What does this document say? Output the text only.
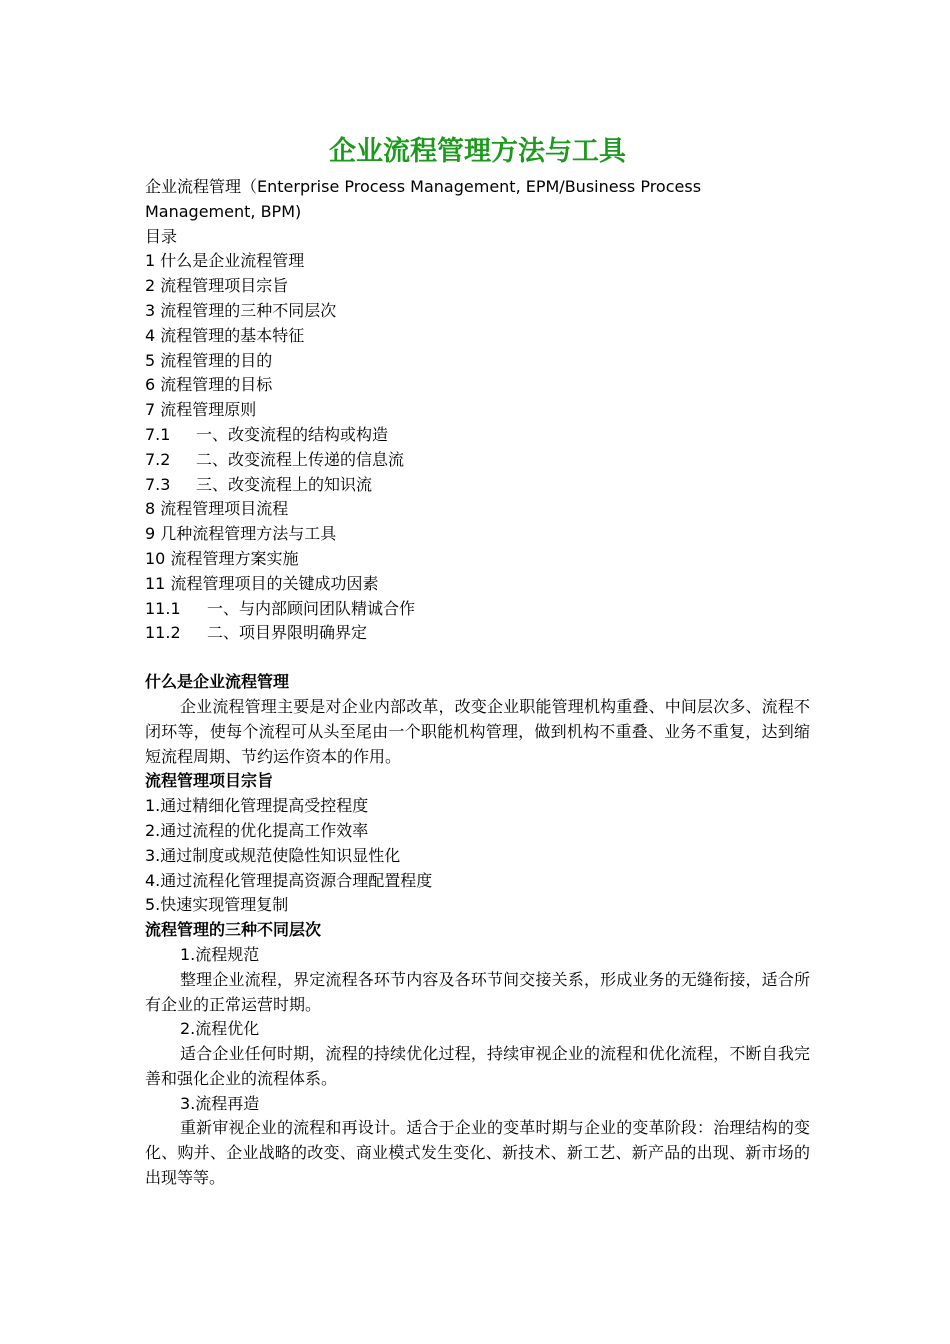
企业流程管理方法与工具
企业流程管理（Enterprise Process Management, EPM/Business Process Management, BPM)
目录
1 什么是企业流程管理
2 流程管理项目宗旨
3 流程管理的三种不同层次
4 流程管理的基本特征
5 流程管理的目的
6 流程管理的目标
7 流程管理原则
7.1 一、改变流程的结构或构造
7.2 二、改变流程上传递的信息流
7.3 三、改变流程上的知识流
8 流程管理项目流程
9 几种流程管理方法与工具
10 流程管理方案实施
11 流程管理项目的关键成功因素
11.1 一、与内部顾问团队精诚合作
11.2 二、项目界限明确界定
什么是企业流程管理
企业流程管理主要是对企业内部改革，改变企业职能管理机构重叠、中间层次多、流程不闭环等，使每个流程可从头至尾由一个职能机构管理，做到机构不重叠、业务不重复，达到缩短流程周期、节约运作资本的作用。
流程管理项目宗旨
1.通过精细化管理提高受控程度
2.通过流程的优化提高工作效率
3.通过制度或规范使隐性知识显性化
4.通过流程化管理提高资源合理配置程度
5.快速实现管理复制
流程管理的三种不同层次
1.流程规范
整理企业流程，界定流程各环节内容及各环节间交接关系，形成业务的无缝衔接，适合所有企业的正常运营时期。
2.流程优化
适合企业任何时期，流程的持续优化过程，持续审视企业的流程和优化流程，不断自我完善和强化企业的流程体系。
3.流程再造
重新审视企业的流程和再设计。适合于企业的变革时期与企业的变革阶段：治理结构的变化、购并、企业战略的改变、商业模式发生变化、新技术、新工艺、新产品的出现、新市场的出现等等。
